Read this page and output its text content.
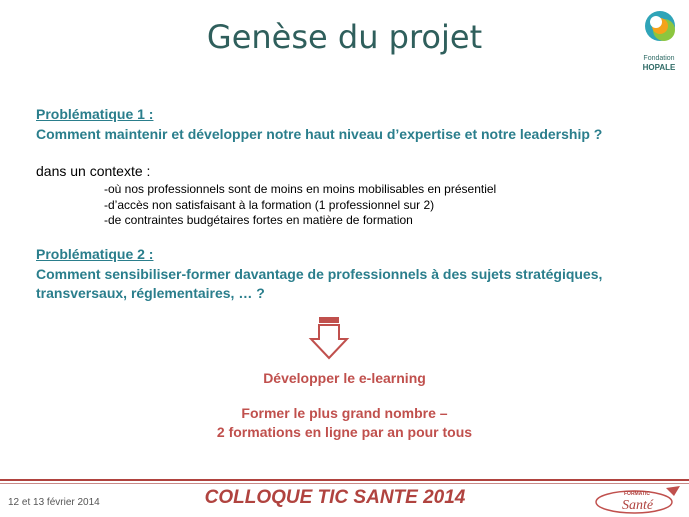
Genèse du projet
Fondation
HOPALE
Problématique 1 :
Comment maintenir et développer notre haut niveau d’expertise et notre leadership ?
dans un contexte :
-où nos professionnels sont de moins en moins mobilisables en présentiel
-d’accès non satisfaisant à la formation (1 professionnel sur 2)
-de contraintes budgétaires fortes en matière de formation
Problématique 2 :
Comment sensibiliser-former davantage de professionnels à des sujets stratégiques,
transversaux, réglementaires, … ?
Développer le e-learning
Former le plus grand nombre –
2 formations en ligne par an pour tous
12 et 13 février 2014	COLLOQUE TIC SANTE 2014	FORMATIC
Santé
